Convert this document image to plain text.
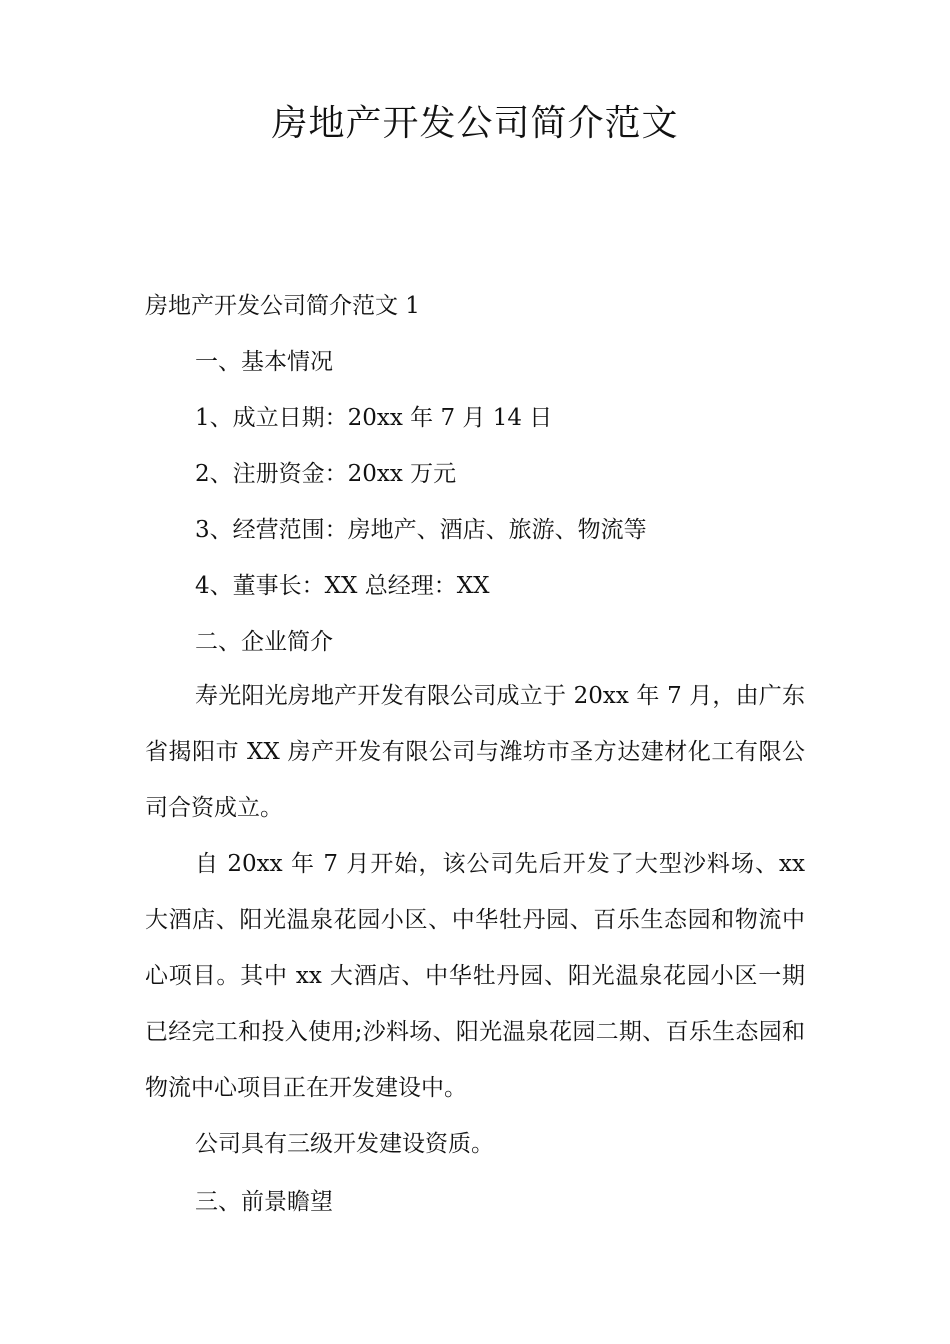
房地产开发公司简介范文

房地产开发公司简介范文 1

一、基本情况

1、成立日期：20xx 年 7 月 14 日

2、注册资金：20xx 万元

3、经营范围：房地产、酒店、旅游、物流等

4、董事长：XX 总经理：XX

二、企业简介

寿光阳光房地产开发有限公司成立于 20xx 年 7 月，由广东省揭阳市 XX 房产开发有限公司与潍坊市圣方达建材化工有限公司合资成立。

自 20xx 年 7 月开始，该公司先后开发了大型沙料场、xx 大酒店、阳光温泉花园小区、中华牡丹园、百乐生态园和物流中心项目。其中 xx 大酒店、中华牡丹园、阳光温泉花园小区一期已经完工和投入使用;沙料场、阳光温泉花园二期、百乐生态园和物流中心项目正在开发建设中。

公司具有三级开发建设资质。

三、前景瞻望
